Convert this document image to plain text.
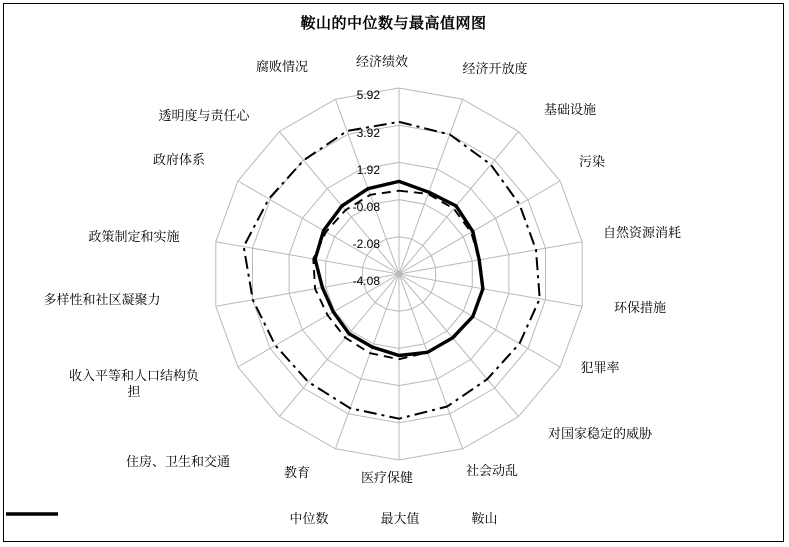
鞍山的中位数与最高值网图
经济绩效	经济开放度
基础设施
污染
自然资源消耗
环保措施
犯罪率
对国家稳定的威胁
社会动乱
医疗保健
教育
住房、卫生和交通
收入平等和人口结构负担
多样性和社区凝聚力
政策制定和实施
政府体系
透明度与责任心
腐败情况
5.92
3.92
1.92
-0.08
-2.08
-4.08
中位数	最大值	鞍山
